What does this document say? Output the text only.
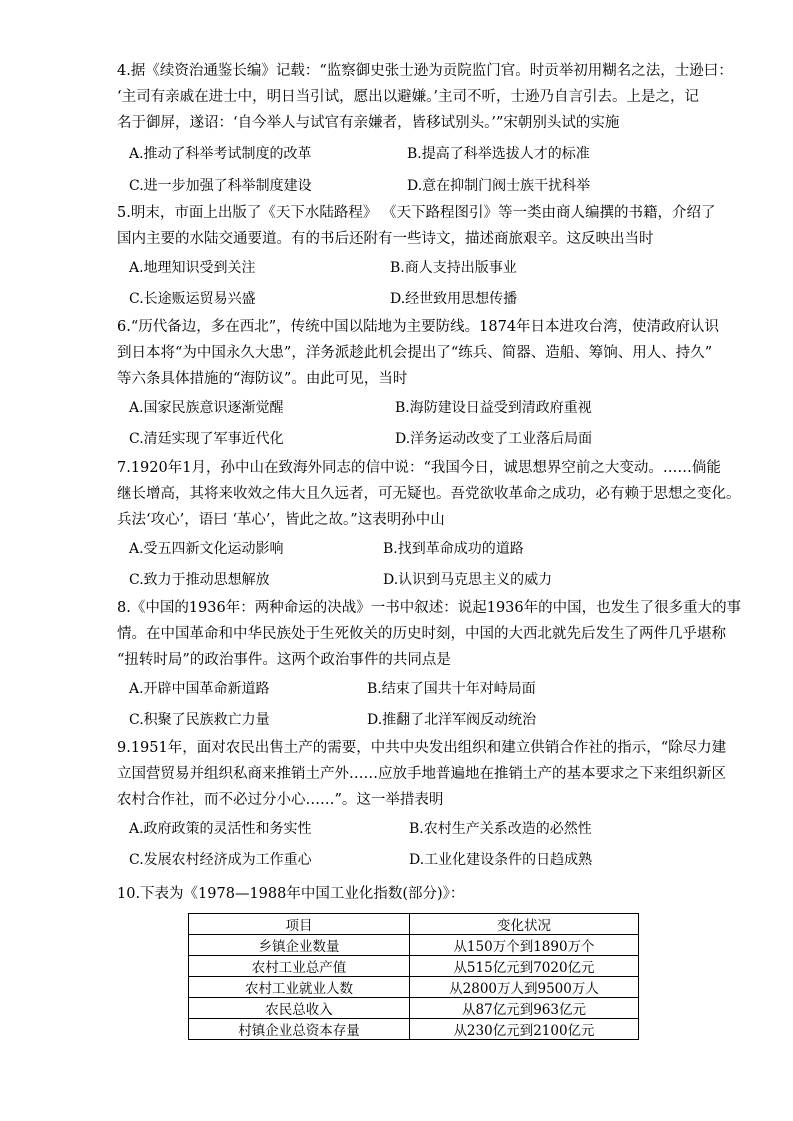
4.据《续资治通鉴长编》记载：“监察御史张士逊为贡院监门官。时贡举初用糊名之法，士逊曰：
‘主司有亲戚在进士中，明日当引试，愿出以避嫌。’主司不听，士逊乃自言引去。上是之，记
名于御屏，遂诏：‘自今举人与试官有亲嫌者，皆移试别头。’”宋朝别头试的实施
A.推动了科举考试制度的改革	B.提高了科举选拔人才的标准
C.进一步加强了科举制度建设	D.意在抑制门阀士族干扰科举
5.明末，市面上出版了《天下水陆路程》 《天下路程图引》等一类由商人编撰的书籍，介绍了
国内主要的水陆交通要道。有的书后还附有一些诗文，描述商旅艰辛。这反映出当时
A.地理知识受到关注	B.商人支持出版事业
C.长途贩运贸易兴盛	D.经世致用思想传播
6.“历代备边，多在西北”，传统中国以陆地为主要防线。1874年日本进攻台湾，使清政府认识
到日本将“为中国永久大患”，洋务派趁此机会提出了“练兵、简器、造船、筹饷、用人、持久”
等六条具体措施的“海防议”。由此可见，当时
A.国家民族意识逐渐觉醒	B.海防建设日益受到清政府重视
C.清廷实现了军事近代化	D.洋务运动改变了工业落后局面
7.1920年1月，孙中山在致海外同志的信中说：“我国今日，诚思想界空前之大变动。……倘能
继长增高，其将来收效之伟大且久远者，可无疑也。吾党欲收革命之成功，必有赖于思想之变化。
兵法‘攻心’，语曰 ‘革心’，皆此之故。”这表明孙中山
A.受五四新文化运动影响	B.找到革命成功的道路
C.致力于推动思想解放	D.认识到马克思主义的威力
8.《中国的1936年：两种命运的决战》一书中叙述：说起1936年的中国，也发生了很多重大的事
情。在中国革命和中华民族处于生死攸关的历史时刻，中国的大西北就先后发生了两件几乎堪称
“扭转时局”的政治事件。这两个政治事件的共同点是
A.开辟中国革命新道路	B.结束了国共十年对峙局面
C.积聚了民族救亡力量	D.推翻了北洋军阀反动统治
9.1951年，面对农民出售土产的需要，中共中央发出组织和建立供销合作社的指示，“除尽力建
立国营贸易并组织私商来推销土产外……应放手地普遍地在推销土产的基本要求之下来组织新区
农村合作社，而不必过分小心……”。这一举措表明
A.政府政策的灵活性和务实性	B.农村生产关系改造的必然性
C.发展农村经济成为工作重心	D.工业化建设条件的日趋成熟
10.下表为《1978—1988年中国工业化指数(部分)》：
项目	变化状况
乡镇企业数量	从150万个到1890万个
农村工业总产值	从515亿元到7020亿元
农村工业就业人数	从2800万人到9500万人
农民总收入	从87亿元到963亿元
村镇企业总资本存量	从230亿元到2100亿元
